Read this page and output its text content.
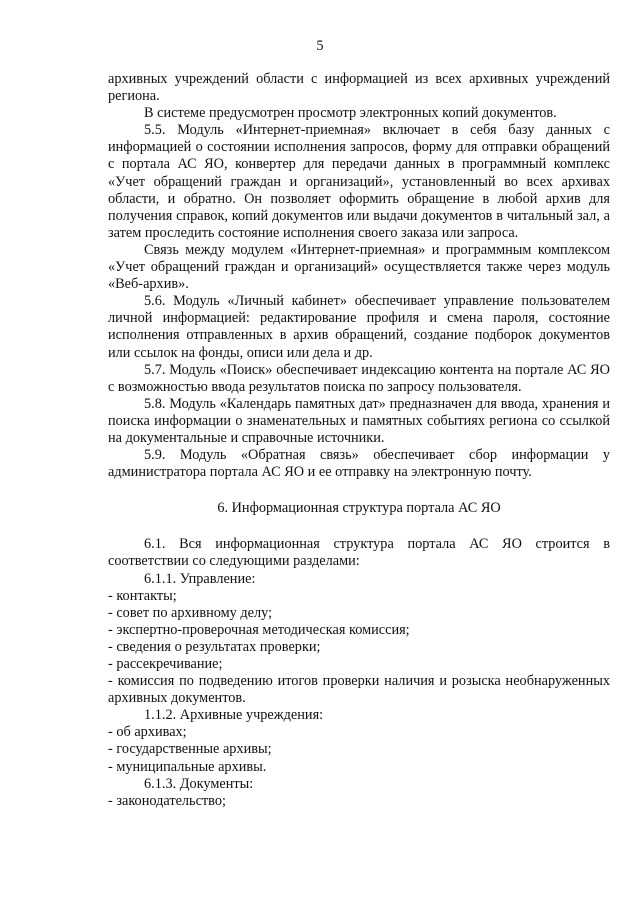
5

архивных учреждений области с информацией из всех архивных учреждений региона.

В системе предусмотрен просмотр электронных копий документов.

5.5. Модуль «Интернет-приемная» включает в себя базу данных с информацией о состоянии исполнения запросов, форму для отправки обращений с портала АС ЯО, конвертер для передачи данных в программный комплекс «Учет обращений граждан и организаций», установленный во всех архивах области, и обратно. Он позволяет оформить обращение в любой архив для получения справок, копий документов или выдачи документов в читальный зал, а затем проследить состояние исполнения своего заказа или запроса.

Связь между модулем «Интернет-приемная» и программным комплексом «Учет обращений граждан и организаций» осуществляется также через модуль «Веб-архив».

5.6. Модуль «Личный кабинет» обеспечивает управление пользователем личной информацией: редактирование профиля и смена пароля, состояние исполнения отправленных в архив обращений, создание подборок документов или ссылок на фонды, описи или дела и др.

5.7. Модуль «Поиск» обеспечивает индексацию контента на портале АС ЯО с возможностью ввода результатов поиска по запросу пользователя.

5.8. Модуль «Календарь памятных дат» предназначен для ввода, хранения и поиска информации о знаменательных и памятных событиях региона со ссылкой на документальные и справочные источники.

5.9. Модуль «Обратная связь» обеспечивает сбор информации у администратора портала АС ЯО и ее отправку на электронную почту.

6. Информационная структура портала АС ЯО

6.1. Вся информационная структура портала АС ЯО строится в соответствии со следующими разделами:

6.1.1. Управление:

- контакты;

- совет по архивному делу;

- экспертно-проверочная методическая комиссия;

- сведения о результатах проверки;

- рассекречивание;

- комиссия по подведению итогов проверки наличия и розыска необнаруженных архивных документов.

1.1.2. Архивные учреждения:

- об архивах;

- государственные архивы;

- муниципальные архивы.

6.1.3. Документы:

- законодательство;
